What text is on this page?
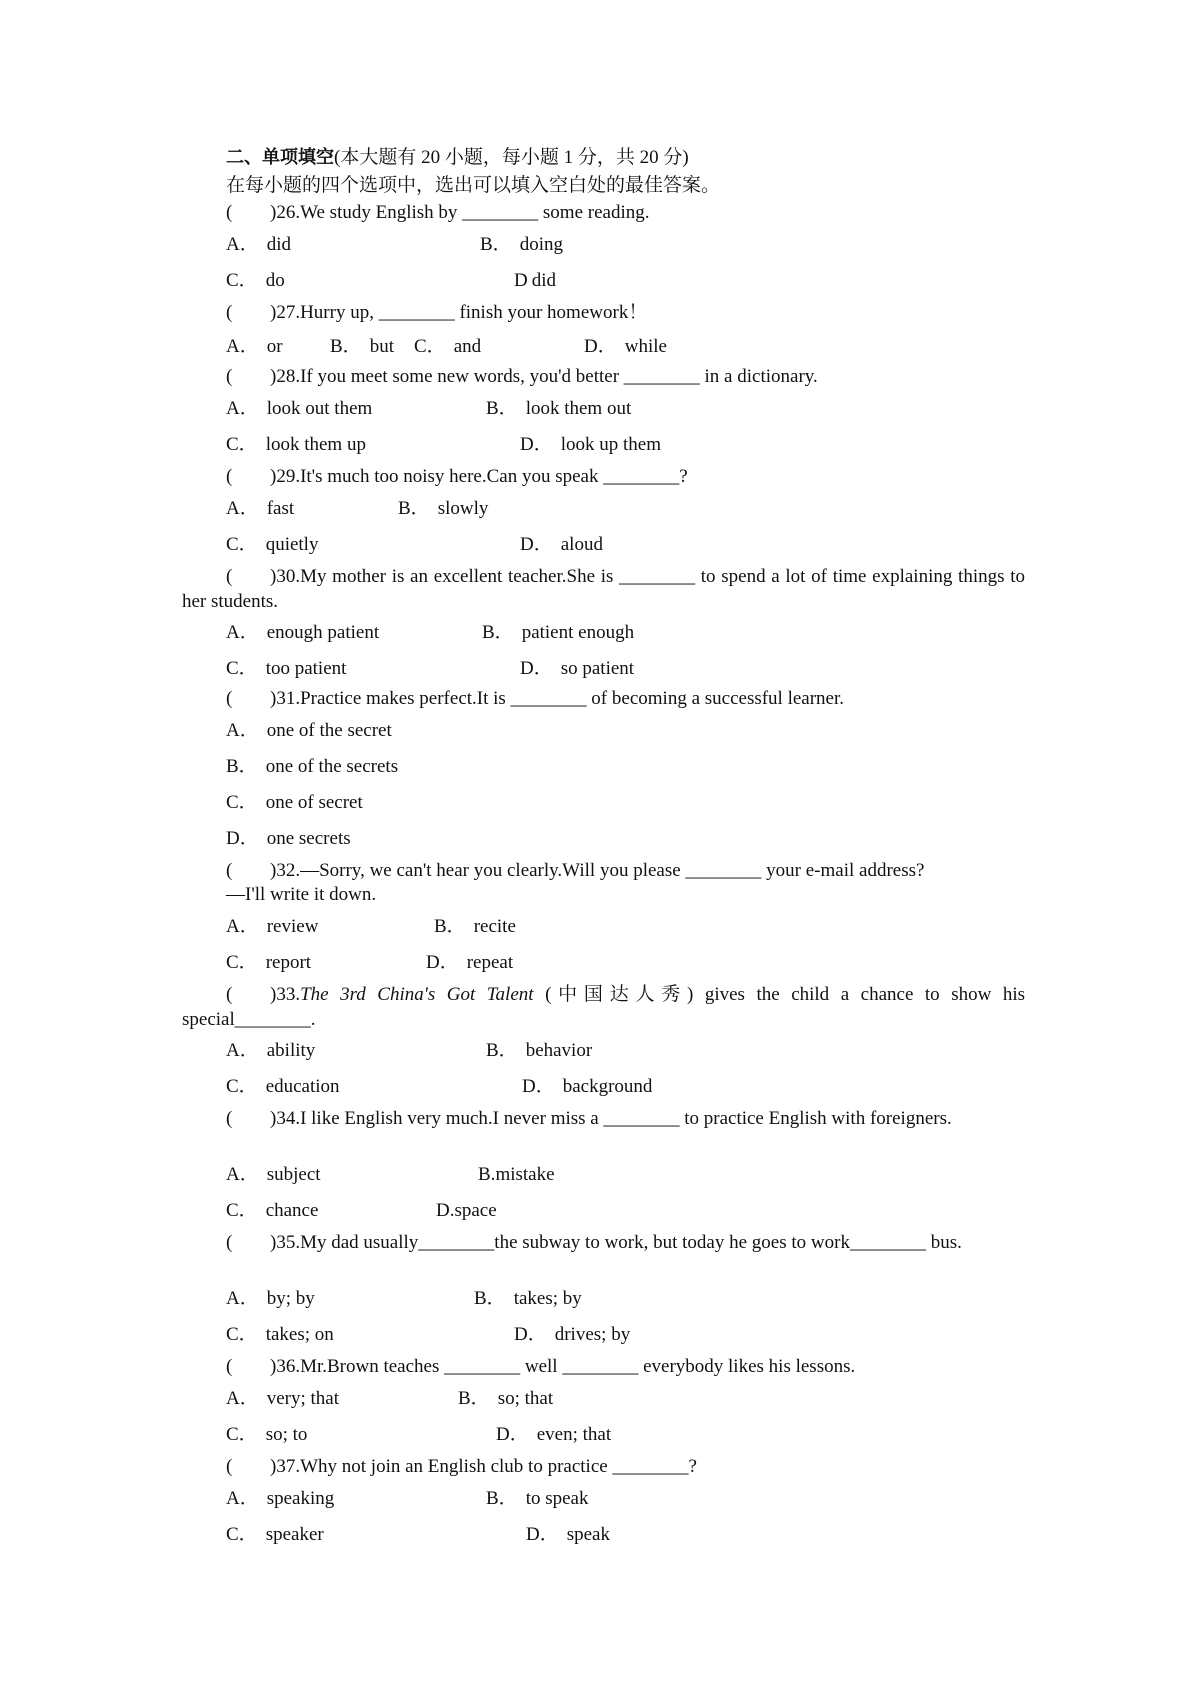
二、单项填空(本大题有 20 小题，每小题 1 分，共 20 分)
在每小题的四个选项中，选出可以填入空白处的最佳答案。
( )26.We study English by ________ some reading.
A． did	B． doing
C． do	D did
( )27.Hurry up, ________ finish your homework！
A． or B． but C． and	D． while
( )28.If you meet some new words, you'd better ________ in a dictionary.
A． look out them	B． look them out
C． look them up	D． look up them
( )29.It's much too noisy here.Can you speak ________?
A． fast	B． slowly
C． quietly	D． aloud
( )30.My mother is an excellent teacher.She is ________ to spend a lot of time explaining things to her students.
A． enough patient	B． patient enough
C． too patient	D． so patient
( )31.Practice makes perfect.It is ________ of becoming a successful learner.
A． one of the secret
B． one of the secrets
C． one of secret
D． one secrets
( )32.—Sorry, we can't hear you clearly.Will you please ________ your e-mail address?
—I'll write it down.
A． review	B． recite
C． report	D． repeat
( )33.The 3rd China's Got Talent (中国达人秀) gives the child a chance to show his special________.
A． ability	B． behavior
C． education	D． background
( )34.I like English very much.I never miss a ________ to practice English with foreigners.
A． subject	B.mistake
C． chance	D.space
( )35.My dad usually________the subway to work, but today he goes to work________ bus.
A． by; by	B． takes; by
C． takes; on	D． drives; by
( )36.Mr.Brown teaches ________ well ________ everybody likes his lessons.
A． very; that	B． so; that
C． so; to	D． even; that
( )37.Why not join an English club to practice ________?
A． speaking	B． to speak
C． speaker	D． speak
